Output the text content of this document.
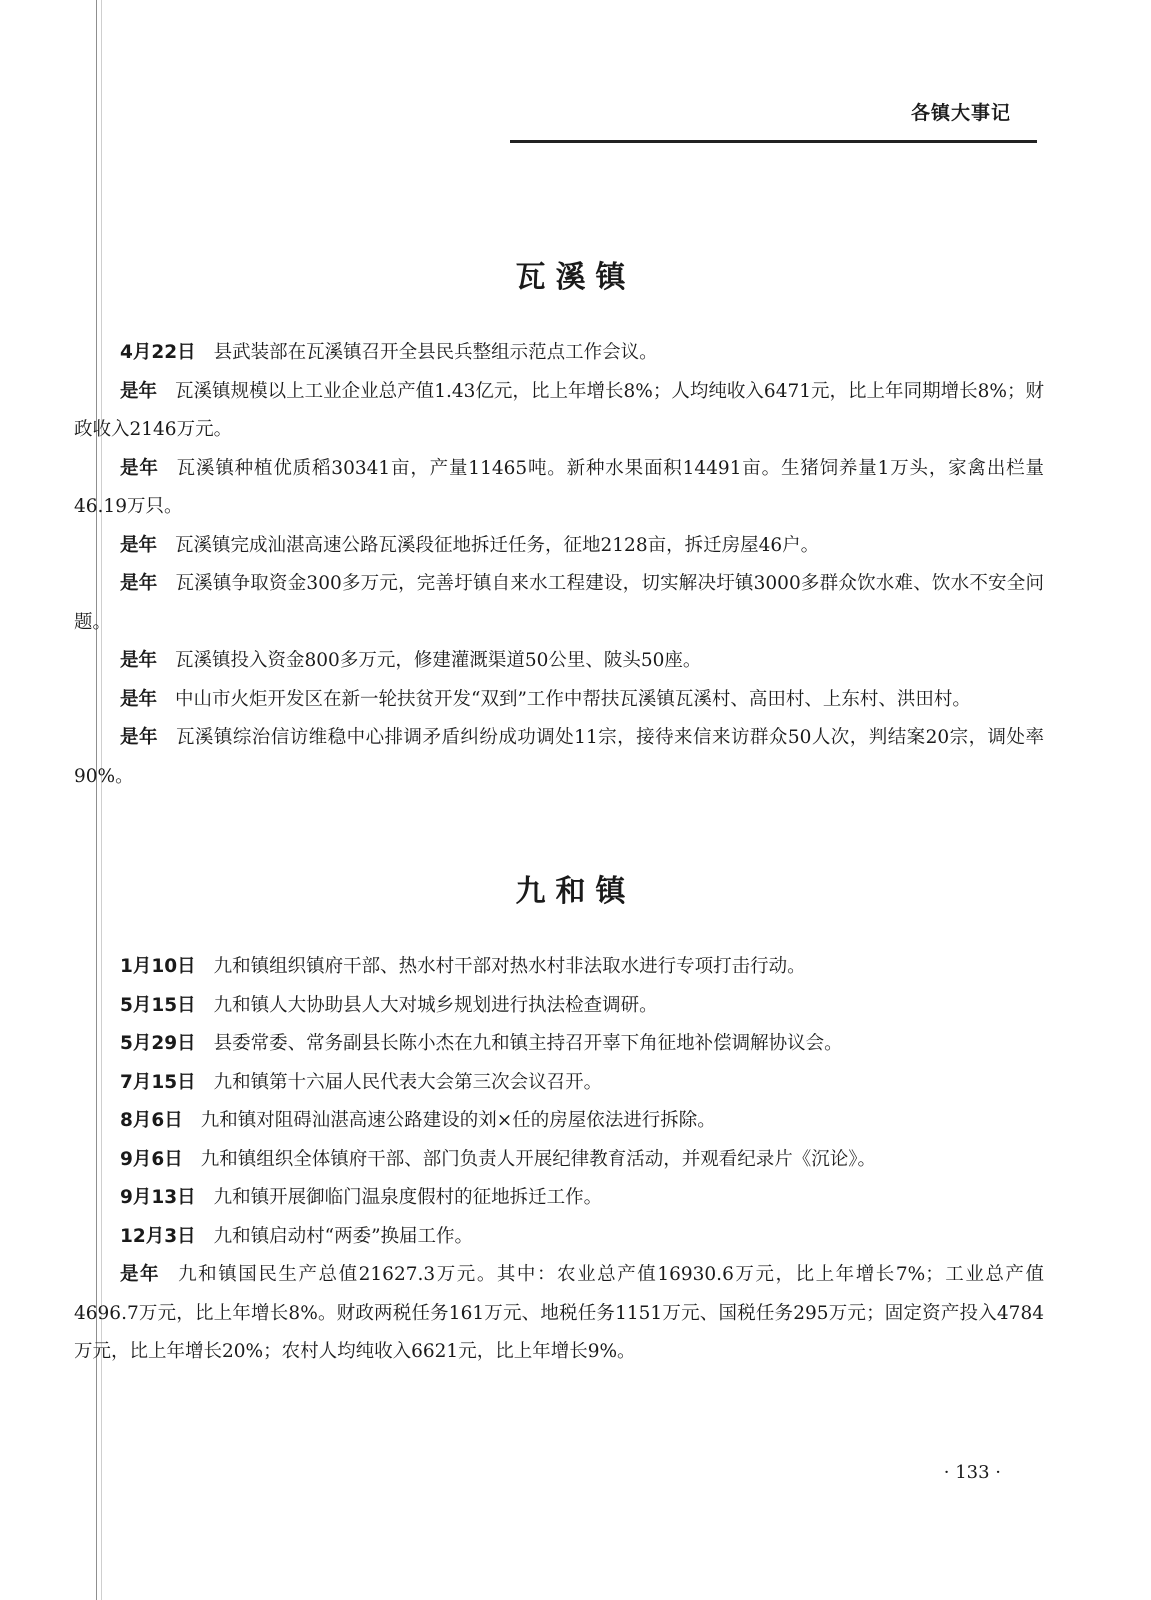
各镇大事记
瓦溪镇

4月22日 县武装部在瓦溪镇召开全县民兵整组示范点工作会议。

是年 瓦溪镇规模以上工业企业总产值1.43亿元，比上年增长8%；人均纯收入6471元，比上年同期增长8%；财政收入2146万元。

是年 瓦溪镇种植优质稻30341亩，产量11465吨。新种水果面积14491亩。生猪饲养量1万头，家禽出栏量46.19万只。

是年 瓦溪镇完成汕湛高速公路瓦溪段征地拆迁任务，征地2128亩，拆迁房屋46户。

是年 瓦溪镇争取资金300多万元，完善圩镇自来水工程建设，切实解决圩镇3000多群众饮水难、饮水不安全问题。

是年 瓦溪镇投入资金800多万元，修建灌溉渠道50公里、陂头50座。

是年 中山市火炬开发区在新一轮扶贫开发“双到”工作中帮扶瓦溪镇瓦溪村、高田村、上东村、洪田村。

是年 瓦溪镇综治信访维稳中心排调矛盾纠纷成功调处11宗，接待来信来访群众50人次，判结案20宗，调处率90%。

九和镇

1月10日 九和镇组织镇府干部、热水村干部对热水村非法取水进行专项打击行动。

5月15日 九和镇人大协助县人大对城乡规划进行执法检查调研。

5月29日 县委常委、常务副县长陈小杰在九和镇主持召开辜下角征地补偿调解协议会。

7月15日 九和镇第十六届人民代表大会第三次会议召开。

8月6日 九和镇对阻碍汕湛高速公路建设的刘×任的房屋依法进行拆除。

9月6日 九和镇组织全体镇府干部、部门负责人开展纪律教育活动，并观看纪录片《沉论》。

9月13日 九和镇开展御临门温泉度假村的征地拆迁工作。

12月3日 九和镇启动村“两委”换届工作。

是年 九和镇国民生产总值21627.3万元。其中：农业总产值16930.6万元，比上年增长7%；工业总产值4696.7万元，比上年增长8%。财政两税任务161万元、地税任务1151万元、国税任务295万元；固定资产投入4784万元，比上年增长20%；农村人均纯收入6621元，比上年增长9%。

· 133 ·
